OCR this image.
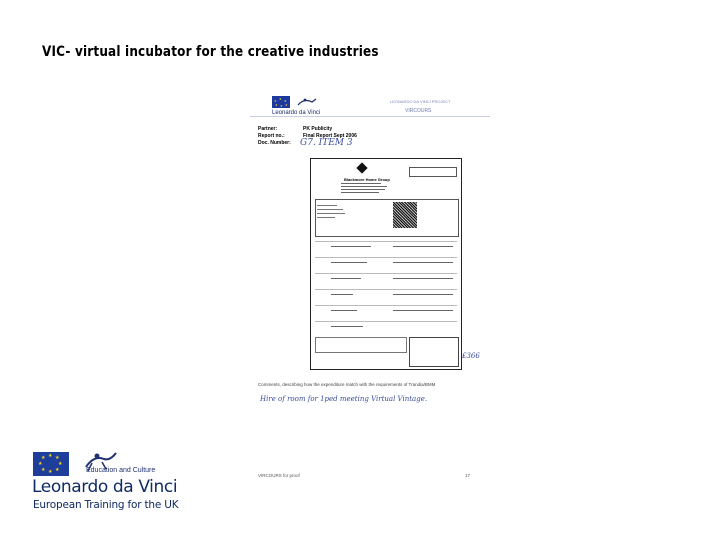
VIC- virtual incubator for the creative industries
★ ★
★
★
★
★
Leonardo da Vinci
LEONARDO DA VINCI PROJECT
VIRCOURS
Partner:	PK Publicity
Report no.:	Final Report Sept 2006
Doc. Number: G7. ITEM 3
Blackmore Home Group
£366
Comments, describing how the expenditure match with the requirements of Trandia/BMM
Hire of room for 1ped meeting Virtual Vintage.
VIRCOURS for proof	17
★ ★
★
★
★
★
★
★
Education and Culture
Leonardo da Vinci
European Training for the UK
